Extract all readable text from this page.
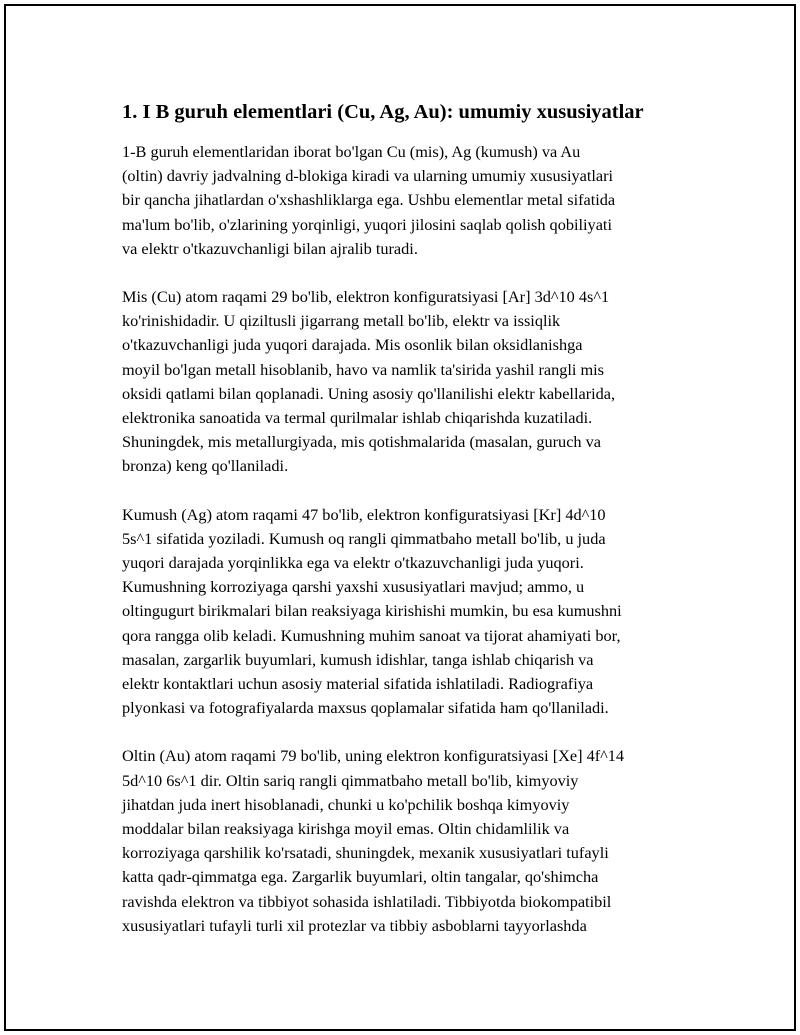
1. I B guruh elementlari (Cu, Ag, Au): umumiy xususiyatlar

1-B guruh elementlaridan iborat bo'lgan Cu (mis), Ag (kumush) va Au
(oltin) davriy jadvalning d-blokiga kiradi va ularning umumiy xususiyatlari
bir qancha jihatlardan o'xshashliklarga ega. Ushbu elementlar metal sifatida
ma'lum bo'lib, o'zlarining yorqinligi, yuqori jilosini saqlab qolish qobiliyati
va elektr o'tkazuvchanligi bilan ajralib turadi.

Mis (Cu) atom raqami 29 bo'lib, elektron konfiguratsiyasi [Ar] 3d^10 4s^1
ko'rinishidadir. U qiziltusli jigarrang metall bo'lib, elektr va issiqlik
o'tkazuvchanligi juda yuqori darajada. Mis osonlik bilan oksidlanishga
moyil bo'lgan metall hisoblanib, havo va namlik ta'sirida yashil rangli mis
oksidi qatlami bilan qoplanadi. Uning asosiy qo'llanilishi elektr kabellarida,
elektronika sanoatida va termal qurilmalar ishlab chiqarishda kuzatiladi.
Shuningdek, mis metallurgiyada, mis qotishmalarida (masalan, guruch va
bronza) keng qo'llaniladi.

Kumush (Ag) atom raqami 47 bo'lib, elektron konfiguratsiyasi [Kr] 4d^10
5s^1 sifatida yoziladi. Kumush oq rangli qimmatbaho metall bo'lib, u juda
yuqori darajada yorqinlikka ega va elektr o'tkazuvchanligi juda yuqori.
Kumushning korroziyaga qarshi yaxshi xususiyatlari mavjud; ammo, u
oltingugurt birikmalari bilan reaksiyaga kirishishi mumkin, bu esa kumushni
qora rangga olib keladi. Kumushning muhim sanoat va tijorat ahamiyati bor,
masalan, zargarlik buyumlari, kumush idishlar, tanga ishlab chiqarish va
elektr kontaktlari uchun asosiy material sifatida ishlatiladi. Radiografiya
plyonkasi va fotografiyalarda maxsus qoplamalar sifatida ham qo'llaniladi.

Oltin (Au) atom raqami 79 bo'lib, uning elektron konfiguratsiyasi [Xe] 4f^14
5d^10 6s^1 dir. Oltin sariq rangli qimmatbaho metall bo'lib, kimyoviy
jihatdan juda inert hisoblanadi, chunki u ko'pchilik boshqa kimyoviy
moddalar bilan reaksiyaga kirishga moyil emas. Oltin chidamlilik va
korroziyaga qarshilik ko'rsatadi, shuningdek, mexanik xususiyatlari tufayli
katta qadr-qimmatga ega. Zargarlik buyumlari, oltin tangalar, qo'shimcha
ravishda elektron va tibbiyot sohasida ishlatiladi. Tibbiyotda biokompatibil
xususiyatlari tufayli turli xil protezlar va tibbiy asboblarni tayyorlashda
